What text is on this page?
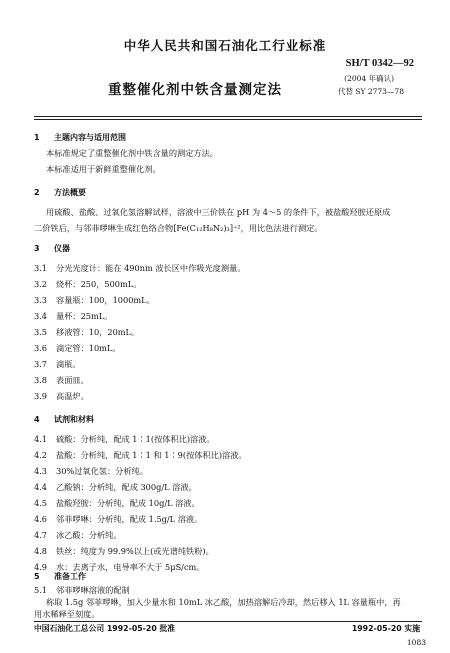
中华人民共和国石油化工行业标准
SH/T 0342—92
重整催化剂中铁含量测定法
(2004 年确认)
代替 SY 2773—78
1 主题内容与适用范围
本标准规定了重整催化剂中铁含量的测定方法。
本标准适用于新鲜重整催化剂。
2 方法概要
用硫酸、盐酸、过氧化氢溶解试样，溶液中三价铁在 pH 为 4～5 的条件下，被盐酸羟胺还原成
二价铁后，与邻菲啰啉生成红色络合物[Fe(C₁₂H₈N₂)₃]⁺²，用比色法进行测定。
3 仪器
3.1 分光光度计：能在 490nm 波长区中作吸光度测量。
3.2 烧杯：250，500mL。
3.3 容量瓶：100，1000mL。
3.4 量杯：25mL。
3.5 移液管：10，20mL。
3.6 滴定管：10mL。
3.7 滴瓶。
3.8 表面皿。
3.9 高温炉。
4 试剂和材料
4.1 硫酸：分析纯，配成 1∶1(按体积比)溶液。
4.2 盐酸：分析纯，配成 1∶1 和 1∶9(按体积比)溶液。
4.3 30%过氧化氢：分析纯。
4.4 乙酸钠：分析纯，配成 300g/L 溶液。
4.5 盐酸羟胺：分析纯，配成 10g/L 溶液。
4.6 邻菲啰啉：分析纯，配成 1.5g/L 溶液。
4.7 冰乙酸：分析纯。
4.8 铁丝：纯度为 99.9%以上(或光谱纯铁粉)。
4.9 水：去离子水，电导率不大于 5μS/cm。
5 准备工作
5.1 邻菲啰啉溶液的配制
中国石油化工总公司 1992-05-20 批准	1992-05-20 实施
1083
称取 1.5g 邻菲啰啉，加入少量水和 10mL 冰乙酸，加热溶解后冷却，然后移入 1L 容量瓶中，再
用水稀释至刻度。
